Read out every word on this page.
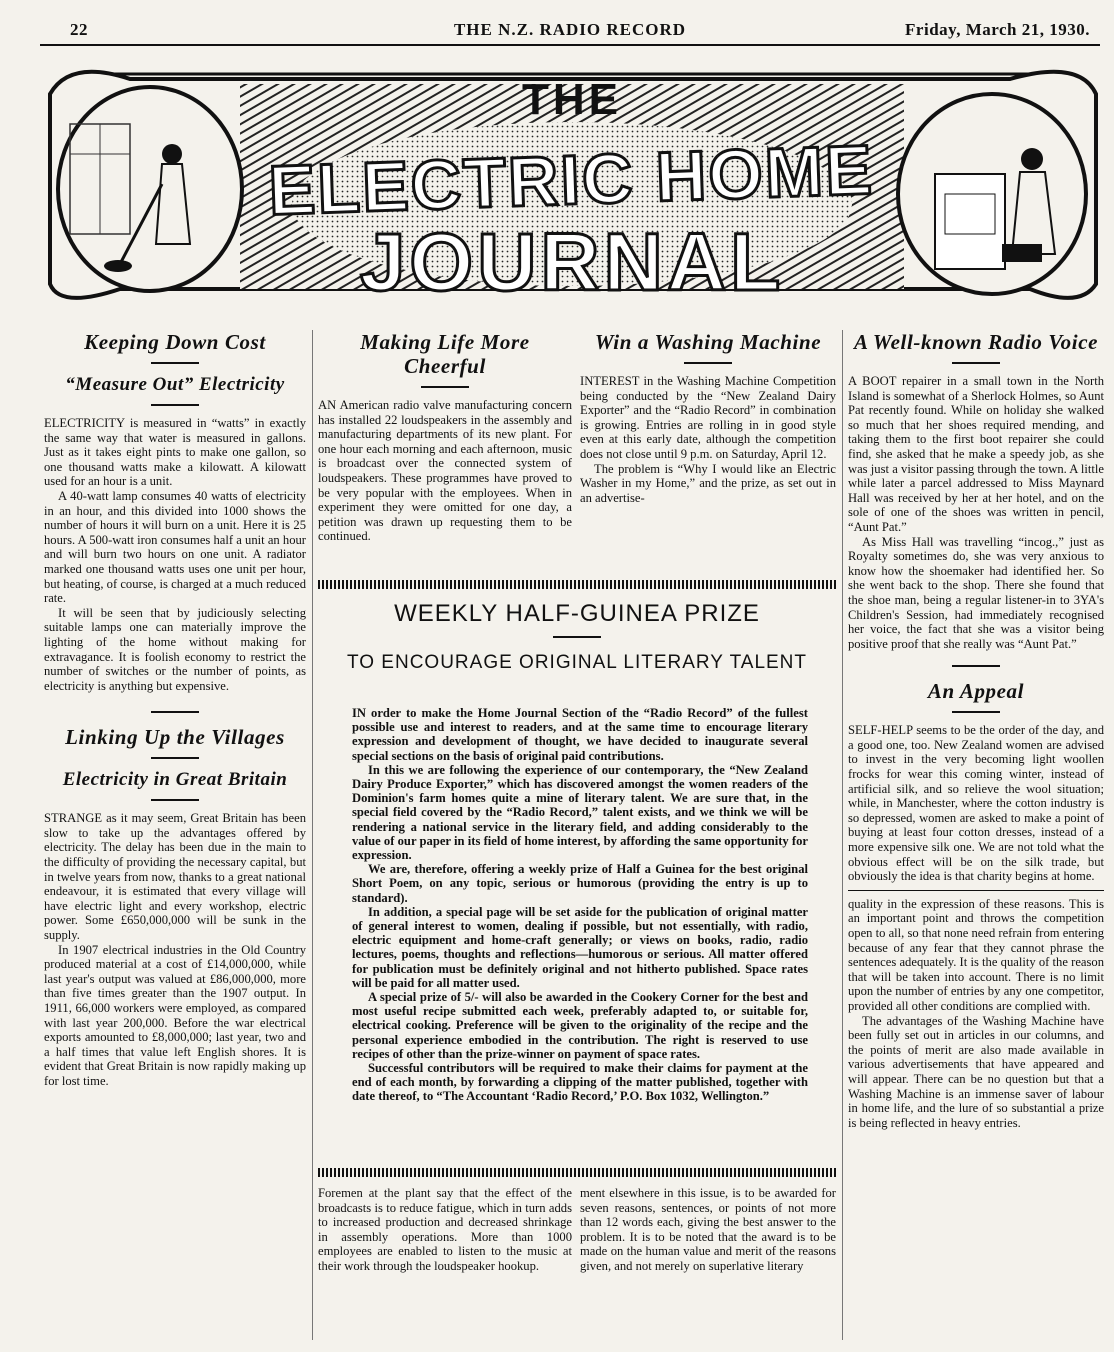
22	THE N.Z. RADIO RECORD	Friday, March 21, 1930.
THE
ELECTRIC HOME
JOURNAL
Keeping Down Cost
“Measure Out” Electricity

ELECTRICITY is measured in “watts” in exactly the same way that water is measured in gallons. Just as it takes eight pints to make one gallon, so one thousand watts make a kilowatt. A kilowatt used for an hour is a unit.

A 40-watt lamp consumes 40 watts of electricity in an hour, and this divided into 1000 shows the number of hours it will burn on a unit. Here it is 25 hours. A 500-watt iron consumes half a unit an hour and will burn two hours on one unit. A radiator marked one thousand watts uses one unit per hour, but heating, of course, is charged at a much reduced rate.

It will be seen that by judiciously selecting suitable lamps one can materially improve the lighting of the home without making for extravagance. It is foolish economy to restrict the number of switches or the number of points, as electricity is anything but expensive.

Linking Up the Villages
Electricity in Great Britain

STRANGE as it may seem, Great Britain has been slow to take up the advantages offered by electricity. The delay has been due in the main to the difficulty of providing the necessary capital, but in twelve years from now, thanks to a great national endeavour, it is estimated that every village will have electric light and every workshop, electric power. Some £650,000,000 will be sunk in the supply.

In 1907 electrical industries in the Old Country produced material at a cost of £14,000,000, while last year's output was valued at £86,000,000, more than five times greater than the 1907 output. In 1911, 66,000 workers were employed, as compared with last year 200,000. Before the war electrical exports amounted to £8,000,000; last year, two and a half times that value left English shores. It is evident that Great Britain is now rapidly making up for lost time.

Making Life More Cheerful

AN American radio valve manufacturing concern has installed 22 loudspeakers in the assembly and manufacturing departments of its new plant. For one hour each morning and each afternoon, music is broadcast over the connected system of loudspeakers. These programmes have proved to be very popular with the employees. When in experiment they were omitted for one day, a petition was drawn up requesting them to be continued.

Win a Washing Machine

INTEREST in the Washing Machine Competition being conducted by the “New Zealand Dairy Exporter” and the “Radio Record” in combination is growing. Entries are rolling in in good style even at this early date, although the competition does not close until 9 p.m. on Saturday, April 12.

The problem is “Why I would like an Electric Washer in my Home,” and the prize, as set out in an advertise-

WEEKLY HALF-GUINEA PRIZE
TO ENCOURAGE ORIGINAL LITERARY TALENT

IN order to make the Home Journal Section of the “Radio Record” of the fullest possible use and interest to readers, and at the same time to encourage literary expression and development of thought, we have decided to inaugurate several special sections on the basis of original paid contributions.

In this we are following the experience of our contemporary, the “New Zealand Dairy Produce Exporter,” which has discovered amongst the women readers of the Dominion's farm homes quite a mine of literary talent. We are sure that, in the special field covered by the “Radio Record,” talent exists, and we think we will be rendering a national service in the literary field, and adding considerably to the value of our paper in its field of home interest, by affording the same opportunity for expression.

We are, therefore, offering a weekly prize of Half a Guinea for the best original Short Poem, on any topic, serious or humorous (providing the entry is up to standard).

In addition, a special page will be set aside for the publication of original matter of general interest to women, dealing if possible, but not essentially, with radio, electric equipment and home-craft generally; or views on books, radio, radio lectures, poems, thoughts and reflections—humorous or serious. All matter offered for publication must be definitely original and not hitherto published. Space rates will be paid for all matter used.

A special prize of 5/- will also be awarded in the Cookery Corner for the best and most useful recipe submitted each week, preferably adapted to, or suitable for, electrical cooking. Preference will be given to the originality of the recipe and the personal experience embodied in the contribution. The right is reserved to use recipes of other than the prize-winner on payment of space rates.

Successful contributors will be required to make their claims for payment at the end of each month, by forwarding a clipping of the matter published, together with date thereof, to “The Accountant ‘Radio Record,’ P.O. Box 1032, Wellington.”

Foremen at the plant say that the effect of the broadcasts is to reduce fatigue, which in turn adds to increased production and decreased shrinkage in assembly operations. More than 1000 employees are enabled to listen to the music at their work through the loudspeaker hookup.

ment elsewhere in this issue, is to be awarded for seven reasons, sentences, or points of not more than 12 words each, giving the best answer to the problem. It is to be noted that the award is to be made on the human value and merit of the reasons given, and not merely on superlative literary

A Well-known Radio Voice

A BOOT repairer in a small town in the North Island is somewhat of a Sherlock Holmes, so Aunt Pat recently found. While on holiday she walked so much that her shoes required mending, and taking them to the first boot repairer she could find, she asked that he make a speedy job, as she was just a visitor passing through the town. A little while later a parcel addressed to Miss Maynard Hall was received by her at her hotel, and on the sole of one of the shoes was written in pencil, “Aunt Pat.”

As Miss Hall was travelling “incog.,” just as Royalty sometimes do, she was very anxious to know how the shoemaker had identified her. So she went back to the shop. There she found that the shoe man, being a regular listener-in to 3YA's Children's Session, had immediately recognised her voice, the fact that she was a visitor being positive proof that she really was “Aunt Pat.”

An Appeal

SELF-HELP seems to be the order of the day, and a good one, too. New Zealand women are advised to invest in the very becoming light woollen frocks for wear this coming winter, instead of artificial silk, and so relieve the wool situation; while, in Manchester, where the cotton industry is so depressed, women are asked to make a point of buying at least four cotton dresses, instead of a more expensive silk one. We are not told what the obvious effect will be on the silk trade, but obviously the idea is that charity begins at home.

quality in the expression of these reasons. This is an important point and throws the competition open to all, so that none need refrain from entering because of any fear that they cannot phrase the sentences adequately. It is the quality of the reason that will be taken into account. There is no limit upon the number of entries by any one competitor, provided all other conditions are complied with.

The advantages of the Washing Machine have been fully set out in articles in our columns, and the points of merit are also made available in various advertisements that have appeared and will appear. There can be no question but that a Washing Machine is an immense saver of labour in home life, and the lure of so substantial a prize is being reflected in heavy entries.
